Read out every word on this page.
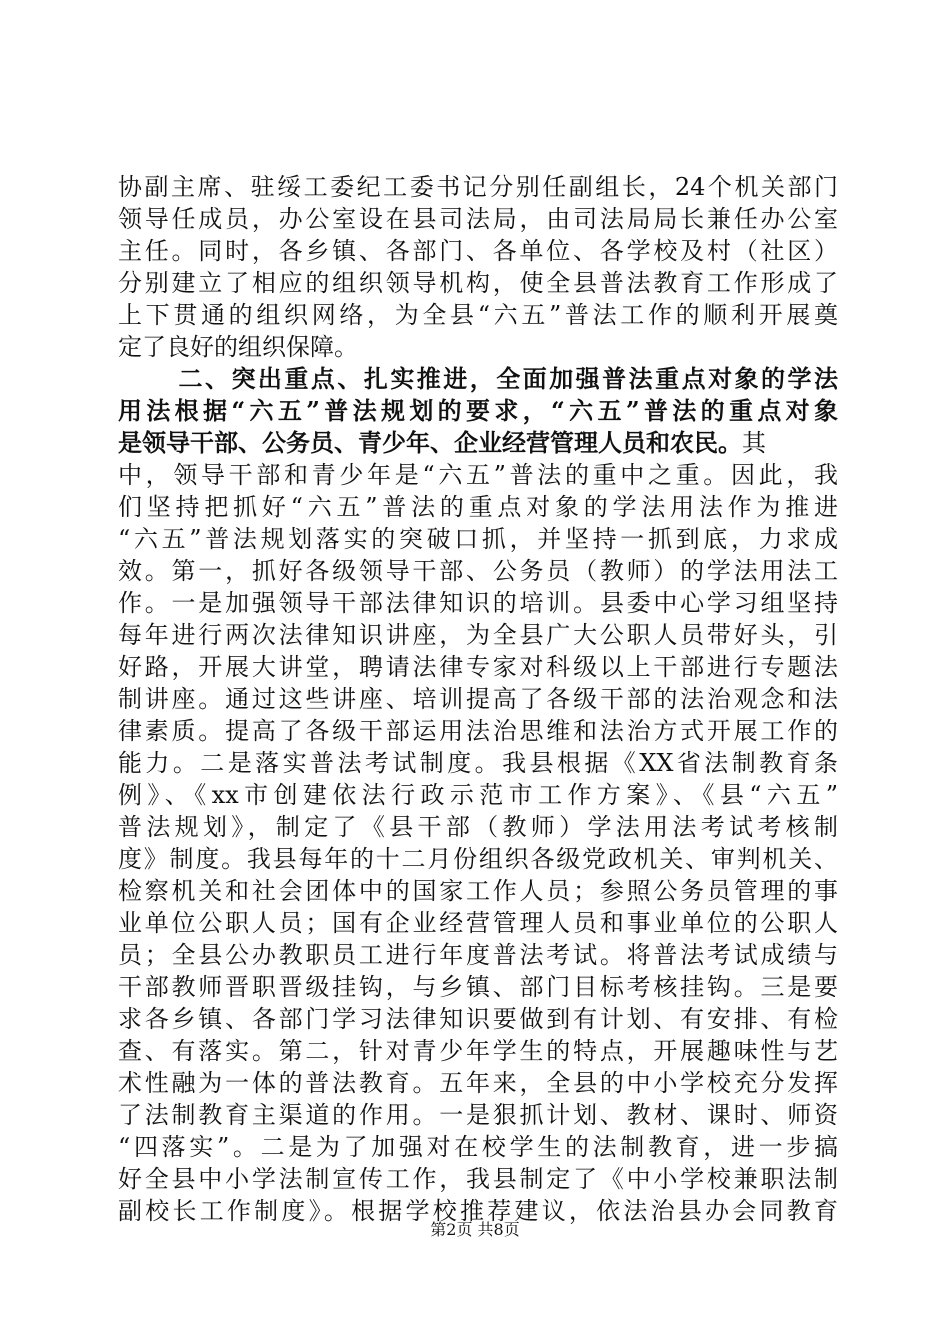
协副主席、驻绥工委纪工委书记分别任副组长，24个机关部门
领导任成员，办公室设在县司法局，由司法局局长兼任办公室
主任。同时，各乡镇、各部门、各单位、各学校及村（社区）
分别建立了相应的组织领导机构，使全县普法教育工作形成了
上下贯通的组织网络，为全县“六五”普法工作的顺利开展奠
定了良好的组织保障。
二、突出重点、扎实推进，全面加强普法重点对象的学法
用法根据“六五”普法规划的要求，“六五”普法的重点对象
是领导干部、公务员、青少年、企业经营管理人员和农民。其
中，领导干部和青少年是“六五”普法的重中之重。因此，我
们坚持把抓好“六五”普法的重点对象的学法用法作为推进
“六五”普法规划落实的突破口抓，并坚持一抓到底，力求成
效。第一，抓好各级领导干部、公务员（教师）的学法用法工
作。一是加强领导干部法律知识的培训。县委中心学习组坚持
每年进行两次法律知识讲座，为全县广大公职人员带好头，引
好路，开展大讲堂，聘请法律专家对科级以上干部进行专题法
制讲座。通过这些讲座、培训提高了各级干部的法治观念和法
律素质。提高了各级干部运用法治思维和法治方式开展工作的
能力。二是落实普法考试制度。我县根据《XX省法制教育条
例》、《xx市创建依法行政示范市工作方案》、《县“六五”
普法规划》，制定了《县干部（教师）学法用法考试考核制
度》制度。我县每年的十二月份组织各级党政机关、审判机关、
检察机关和社会团体中的国家工作人员；参照公务员管理的事
业单位公职人员；国有企业经营管理人员和事业单位的公职人
员；全县公办教职员工进行年度普法考试。将普法考试成绩与
干部教师晋职晋级挂钩，与乡镇、部门目标考核挂钩。三是要
求各乡镇、各部门学习法律知识要做到有计划、有安排、有检
查、有落实。第二，针对青少年学生的特点，开展趣味性与艺
术性融为一体的普法教育。五年来，全县的中小学校充分发挥
了法制教育主渠道的作用。一是狠抓计划、教材、课时、师资
“四落实”。二是为了加强对在校学生的法制教育，进一步搞
好全县中小学法制宣传工作，我县制定了《中小学校兼职法制
副校长工作制度》。根据学校推荐建议，依法治县办会同教育
第2页 共8页
